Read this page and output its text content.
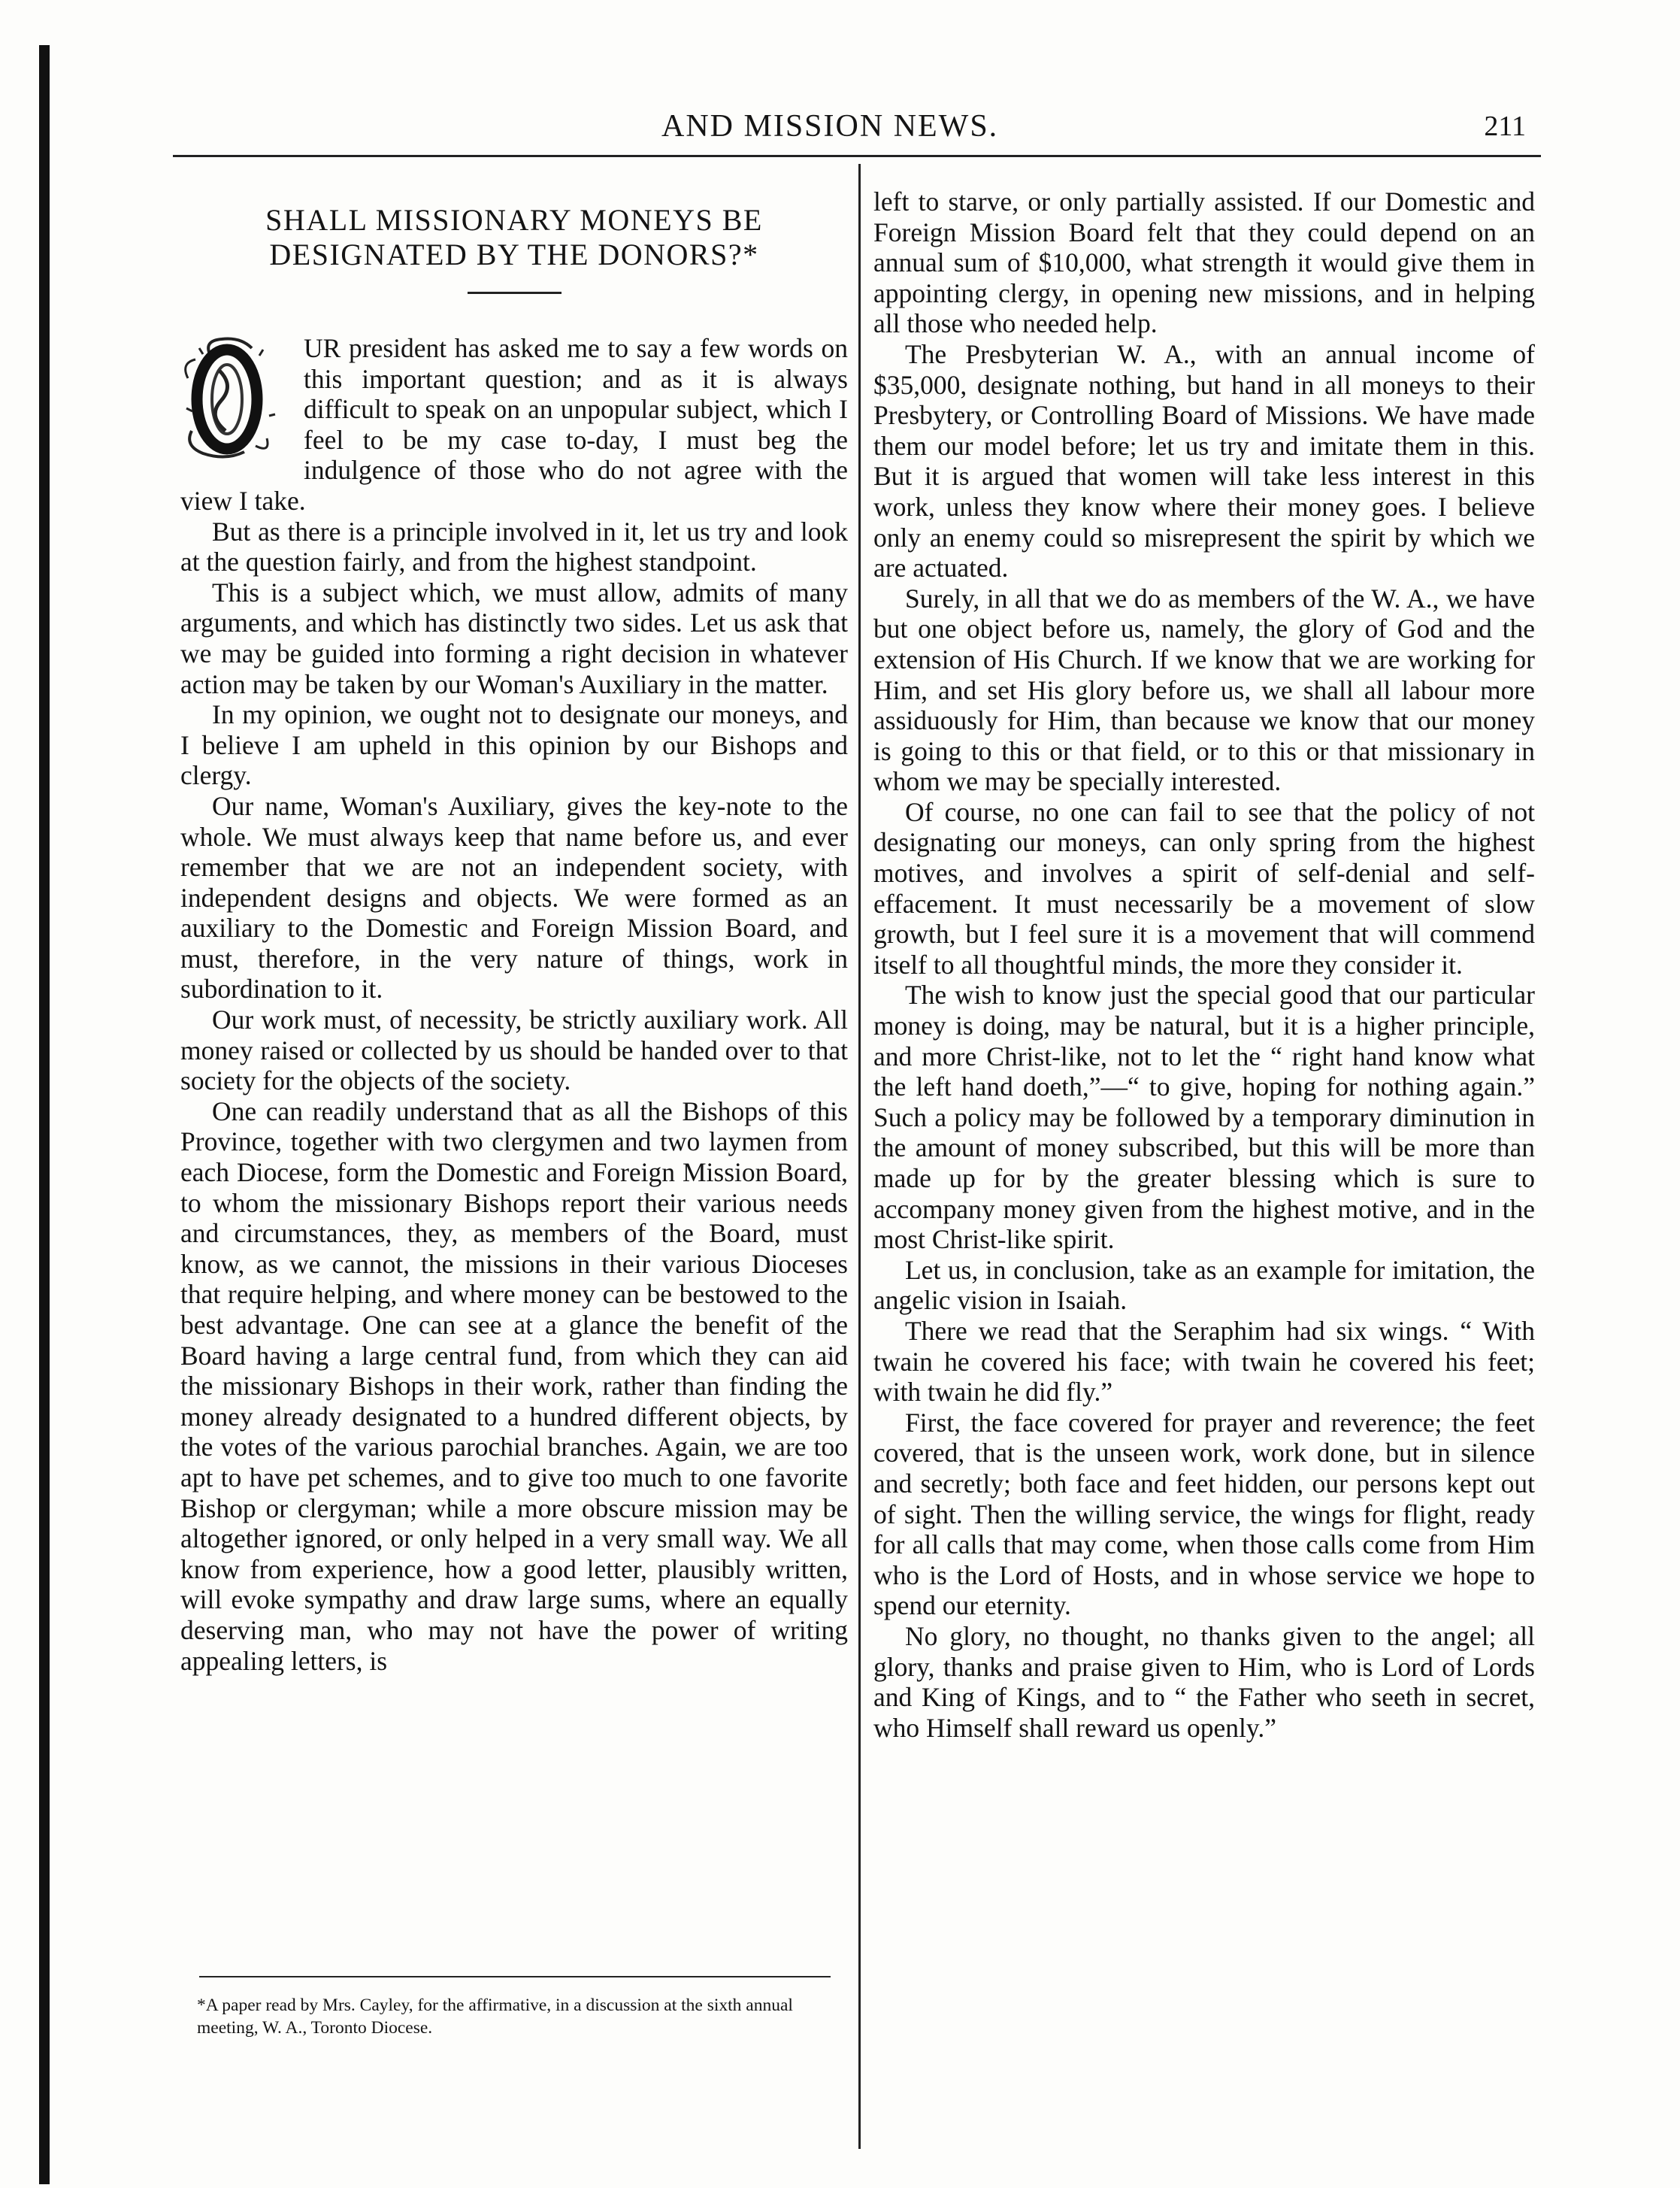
AND MISSION NEWS.	211
SHALL MISSIONARY MONEYS BE DESIGNATED BY THE DONORS?*

UR president has asked me to say a few words on this important question; and as it is always difficult to speak on an unpopular subject, which I feel to be my case to-day, I must beg the indulgence of those who do not agree with the view I take.

But as there is a principle involved in it, let us try and look at the question fairly, and from the highest standpoint.

This is a subject which, we must allow, admits of many arguments, and which has distinctly two sides. Let us ask that we may be guided into forming a right decision in whatever action may be taken by our Woman's Auxiliary in the matter.

In my opinion, we ought not to designate our moneys, and I believe I am upheld in this opinion by our Bishops and clergy.

Our name, Woman's Auxiliary, gives the key-note to the whole. We must always keep that name before us, and ever remember that we are not an independent society, with independent designs and objects. We were formed as an auxiliary to the Domestic and Foreign Mission Board, and must, therefore, in the very nature of things, work in subordination to it.

Our work must, of necessity, be strictly auxiliary work. All money raised or collected by us should be handed over to that society for the objects of the society.

One can readily understand that as all the Bishops of this Province, together with two clergymen and two laymen from each Diocese, form the Domestic and Foreign Mission Board, to whom the missionary Bishops report their various needs and circumstances, they, as members of the Board, must know, as we cannot, the missions in their various Dioceses that require helping, and where money can be bestowed to the best advantage. One can see at a glance the benefit of the Board having a large central fund, from which they can aid the missionary Bishops in their work, rather than finding the money already designated to a hundred different objects, by the votes of the various parochial branches. Again, we are too apt to have pet schemes, and to give too much to one favorite Bishop or clergyman; while a more obscure mission may be altogether ignored, or only helped in a very small way. We all know from experience, how a good letter, plausibly written, will evoke sympathy and draw large sums, where an equally deserving man, who may not have the power of writing appealing letters, is

*A paper read by Mrs. Cayley, for the affirmative, in a discussion at the sixth annual meeting, W. A., Toronto Diocese.

left to starve, or only partially assisted. If our Domestic and Foreign Mission Board felt that they could depend on an annual sum of $10,000, what strength it would give them in appointing clergy, in opening new missions, and in helping all those who needed help.

The Presbyterian W. A., with an annual income of $35,000, designate nothing, but hand in all moneys to their Presbytery, or Controlling Board of Missions. We have made them our model before; let us try and imitate them in this. But it is argued that women will take less interest in this work, unless they know where their money goes. I believe only an enemy could so misrepresent the spirit by which we are actuated.

Surely, in all that we do as members of the W. A., we have but one object before us, namely, the glory of God and the extension of His Church. If we know that we are working for Him, and set His glory before us, we shall all labour more assiduously for Him, than because we know that our money is going to this or that field, or to this or that missionary in whom we may be specially interested.

Of course, no one can fail to see that the policy of not designating our moneys, can only spring from the highest motives, and involves a spirit of self-denial and self-effacement. It must necessarily be a movement of slow growth, but I feel sure it is a movement that will commend itself to all thoughtful minds, the more they consider it.

The wish to know just the special good that our particular money is doing, may be natural, but it is a higher principle, and more Christ-like, not to let the “ right hand know what the left hand doeth,”—“ to give, hoping for nothing again.” Such a policy may be followed by a temporary diminution in the amount of money subscribed, but this will be more than made up for by the greater blessing which is sure to accompany money given from the highest motive, and in the most Christ-like spirit.

Let us, in conclusion, take as an example for imitation, the angelic vision in Isaiah.

There we read that the Seraphim had six wings. “ With twain he covered his face; with twain he covered his feet; with twain he did fly.”

First, the face covered for prayer and reverence; the feet covered, that is the unseen work, work done, but in silence and secretly; both face and feet hidden, our persons kept out of sight. Then the willing service, the wings for flight, ready for all calls that may come, when those calls come from Him who is the Lord of Hosts, and in whose service we hope to spend our eternity.

No glory, no thought, no thanks given to the angel; all glory, thanks and praise given to Him, who is Lord of Lords and King of Kings, and to “ the Father who seeth in secret, who Himself shall reward us openly.”
